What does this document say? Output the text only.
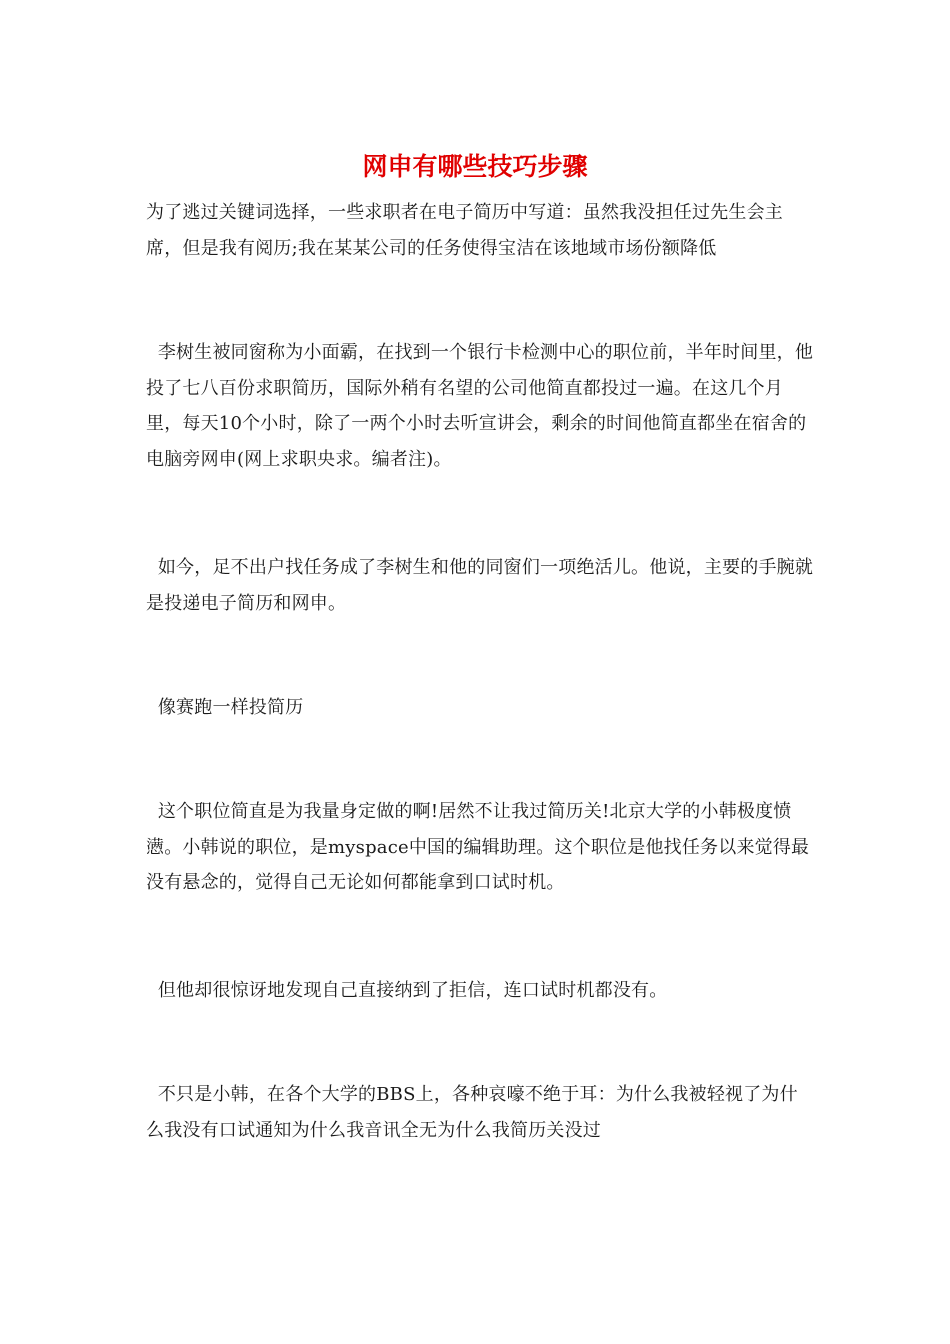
网申有哪些技巧步骤

为了逃过关键词选择，一些求职者在电子简历中写道：虽然我没担任过先生会主席，但是我有阅历;我在某某公司的任务使得宝洁在该地域市场份额降低

李树生被同窗称为小面霸，在找到一个银行卡检测中心的职位前，半年时间里，他投了七八百份求职简历，国际外稍有名望的公司他简直都投过一遍。在这几个月里，每天10个小时，除了一两个小时去听宣讲会，剩余的时间他简直都坐在宿舍的电脑旁网申(网上求职央求。编者注)。

如今，足不出户找任务成了李树生和他的同窗们一项绝活儿。他说，主要的手腕就是投递电子简历和网申。

像赛跑一样投简历

这个职位简直是为我量身定做的啊!居然不让我过简历关!北京大学的小韩极度愤懑。小韩说的职位，是myspace中国的编辑助理。这个职位是他找任务以来觉得最没有悬念的，觉得自己无论如何都能拿到口试时机。

但他却很惊讶地发现自己直接纳到了拒信，连口试时机都没有。

不只是小韩，在各个大学的BBS上，各种哀嚎不绝于耳：为什么我被轻视了为什么我没有口试通知为什么我音讯全无为什么我简历关没过
